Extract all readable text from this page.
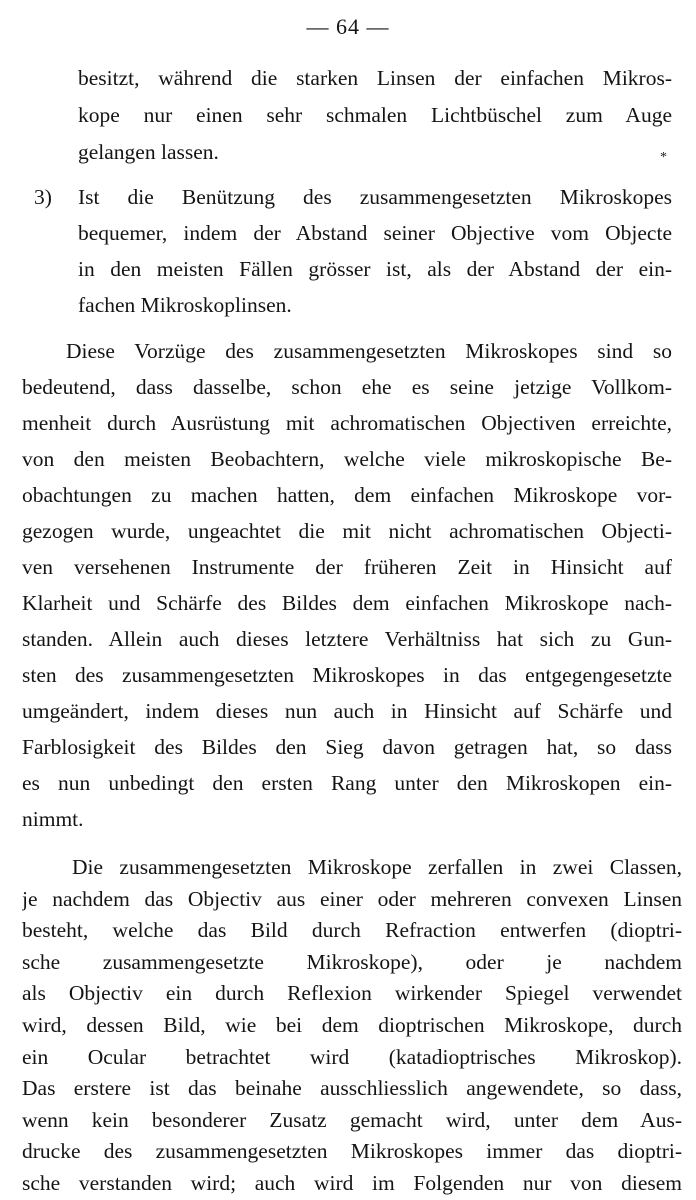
— 64 —
*
besitzt, während die starken Linsen der einfachen Mikros-
kope nur einen sehr schmalen Lichtbüschel zum Auge
gelangen lassen.
3) Ist die Benützung des zusammengesetzten Mikroskopes
bequemer, indem der Abstand seiner Objective vom Objecte
in den meisten Fällen grösser ist, als der Abstand der ein-
fachen Mikroskoplinsen.
Diese Vorzüge des zusammengesetzten Mikroskopes sind so
bedeutend, dass dasselbe, schon ehe es seine jetzige Vollkom-
menheit durch Ausrüstung mit achromatischen Objectiven erreichte,
von den meisten Beobachtern, welche viele mikroskopische Be-
obachtungen zu machen hatten, dem einfachen Mikroskope vor-
gezogen wurde, ungeachtet die mit nicht achromatischen Objecti-
ven versehenen Instrumente der früheren Zeit in Hinsicht auf
Klarheit und Schärfe des Bildes dem einfachen Mikroskope nach-
standen. Allein auch dieses letztere Verhältniss hat sich zu Gun-
sten des zusammengesetzten Mikroskopes in das entgegengesetzte
umgeändert, indem dieses nun auch in Hinsicht auf Schärfe und
Farblosigkeit des Bildes den Sieg davon getragen hat, so dass
es nun unbedingt den ersten Rang unter den Mikroskopen ein-
nimmt.
Die zusammengesetzten Mikroskope zerfallen in zwei Classen,
je nachdem das Objectiv aus einer oder mehreren convexen Linsen
besteht, welche das Bild durch Refraction entwerfen (dioptri-
sche zusammengesetzte Mikroskope), oder je nachdem
als Objectiv ein durch Reflexion wirkender Spiegel verwendet
wird, dessen Bild, wie bei dem dioptrischen Mikroskope, durch
ein Ocular betrachtet wird (katadioptrisches Mikroskop).
Das erstere ist das beinahe ausschliesslich angewendete, so dass,
wenn kein besonderer Zusatz gemacht wird, unter dem Aus-
drucke des zusammengesetzten Mikroskopes immer das dioptri-
sche verstanden wird; auch wird im Folgenden nur von diesem
